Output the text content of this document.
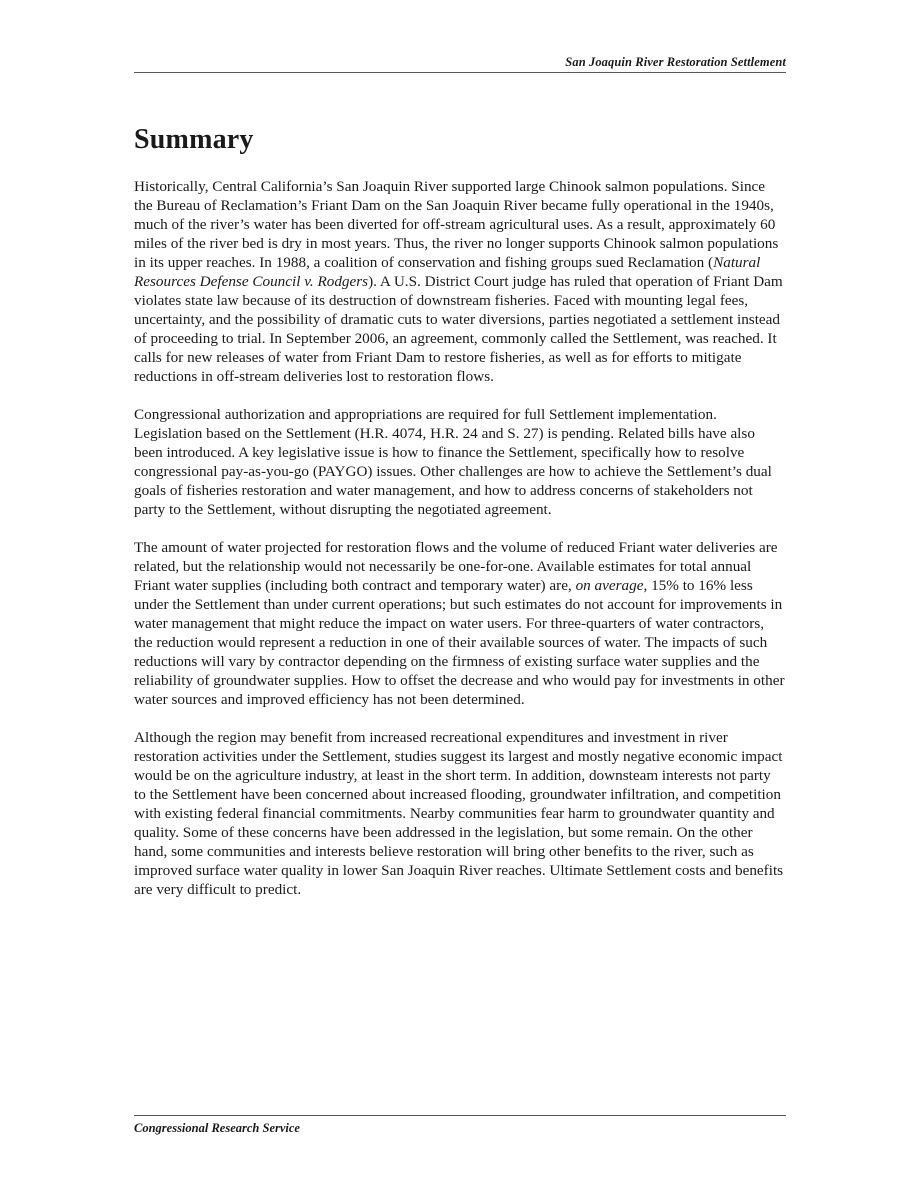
San Joaquin River Restoration Settlement
Summary

Historically, Central California’s San Joaquin River supported large Chinook salmon populations. Since the Bureau of Reclamation’s Friant Dam on the San Joaquin River became fully operational in the 1940s, much of the river’s water has been diverted for off-stream agricultural uses. As a result, approximately 60 miles of the river bed is dry in most years. Thus, the river no longer supports Chinook salmon populations in its upper reaches. In 1988, a coalition of conservation and fishing groups sued Reclamation (Natural Resources Defense Council v. Rodgers). A U.S. District Court judge has ruled that operation of Friant Dam violates state law because of its destruction of downstream fisheries. Faced with mounting legal fees, uncertainty, and the possibility of dramatic cuts to water diversions, parties negotiated a settlement instead of proceeding to trial. In September 2006, an agreement, commonly called the Settlement, was reached. It calls for new releases of water from Friant Dam to restore fisheries, as well as for efforts to mitigate reductions in off-stream deliveries lost to restoration flows.

Congressional authorization and appropriations are required for full Settlement implementation. Legislation based on the Settlement (H.R. 4074, H.R. 24 and S. 27) is pending. Related bills have also been introduced. A key legislative issue is how to finance the Settlement, specifically how to resolve congressional pay-as-you-go (PAYGO) issues. Other challenges are how to achieve the Settlement’s dual goals of fisheries restoration and water management, and how to address concerns of stakeholders not party to the Settlement, without disrupting the negotiated agreement.

The amount of water projected for restoration flows and the volume of reduced Friant water deliveries are related, but the relationship would not necessarily be one-for-one. Available estimates for total annual Friant water supplies (including both contract and temporary water) are, on average, 15% to 16% less under the Settlement than under current operations; but such estimates do not account for improvements in water management that might reduce the impact on water users. For three-quarters of water contractors, the reduction would represent a reduction in one of their available sources of water. The impacts of such reductions will vary by contractor depending on the firmness of existing surface water supplies and the reliability of groundwater supplies. How to offset the decrease and who would pay for investments in other water sources and improved efficiency has not been determined.

Although the region may benefit from increased recreational expenditures and investment in river restoration activities under the Settlement, studies suggest its largest and mostly negative economic impact would be on the agriculture industry, at least in the short term. In addition, downsteam interests not party to the Settlement have been concerned about increased flooding, groundwater infiltration, and competition with existing federal financial commitments. Nearby communities fear harm to groundwater quantity and quality. Some of these concerns have been addressed in the legislation, but some remain. On the other hand, some communities and interests believe restoration will bring other benefits to the river, such as improved surface water quality in lower San Joaquin River reaches. Ultimate Settlement costs and benefits are very difficult to predict.

Congressional Research Service
